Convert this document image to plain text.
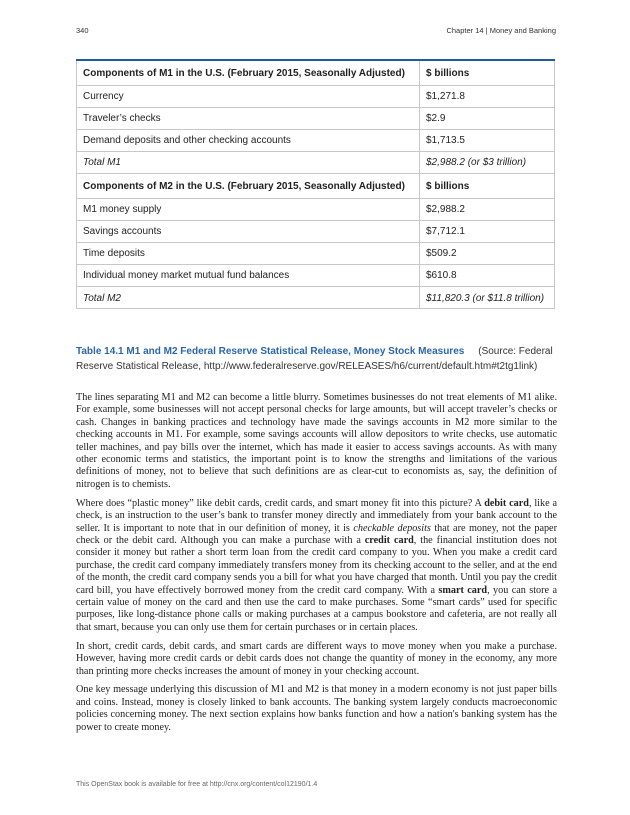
340	Chapter 14 | Money and Banking
Components of M1 in the U.S. (February 2015, Seasonally Adjusted)	$ billions
Currency	$1,271.8
Traveler’s checks	$2.9
Demand deposits and other checking accounts	$1,713.5
Total M1	$2,988.2 (or $3 trillion)
Components of M2 in the U.S. (February 2015, Seasonally Adjusted)	$ billions
M1 money supply	$2,988.2
Savings accounts	$7,712.1
Time deposits	$509.2
Individual money market mutual fund balances	$610.8
Total M2	$11,820.3 (or $11.8 trillion)
Table 14.1 M1 and M2 Federal Reserve Statistical Release, Money Stock Measures (Source: Federal Reserve Statistical Release, http://www.federalreserve.gov/RELEASES/h6/current/default.htm#t2tg1link)

The lines separating M1 and M2 can become a little blurry. Sometimes businesses do not treat elements of M1 alike. For example, some businesses will not accept personal checks for large amounts, but will accept traveler’s checks or cash. Changes in banking practices and technology have made the savings accounts in M2 more similar to the checking accounts in M1. For example, some savings accounts will allow depositors to write checks, use automatic teller machines, and pay bills over the internet, which has made it easier to access savings accounts. As with many other economic terms and statistics, the important point is to know the strengths and limitations of the various definitions of money, not to believe that such definitions are as clear-cut to economists as, say, the definition of nitrogen is to chemists.

Where does “plastic money” like debit cards, credit cards, and smart money fit into this picture? A debit card, like a check, is an instruction to the user’s bank to transfer money directly and immediately from your bank account to the seller. It is important to note that in our definition of money, it is checkable deposits that are money, not the paper check or the debit card. Although you can make a purchase with a credit card, the financial institution does not consider it money but rather a short term loan from the credit card company to you. When you make a credit card purchase, the credit card company immediately transfers money from its checking account to the seller, and at the end of the month, the credit card company sends you a bill for what you have charged that month. Until you pay the credit card bill, you have effectively borrowed money from the credit card company. With a smart card, you can store a certain value of money on the card and then use the card to make purchases. Some “smart cards” used for specific purposes, like long-distance phone calls or making purchases at a campus bookstore and cafeteria, are not really all that smart, because you can only use them for certain purchases or in certain places.

In short, credit cards, debit cards, and smart cards are different ways to move money when you make a purchase. However, having more credit cards or debit cards does not change the quantity of money in the economy, any more than printing more checks increases the amount of money in your checking account.

One key message underlying this discussion of M1 and M2 is that money in a modern economy is not just paper bills and coins. Instead, money is closely linked to bank accounts. The banking system largely conducts macroeconomic policies concerning money. The next section explains how banks function and how a nation's banking system has the power to create money.

This OpenStax book is available for free at http://cnx.org/content/col12190/1.4
